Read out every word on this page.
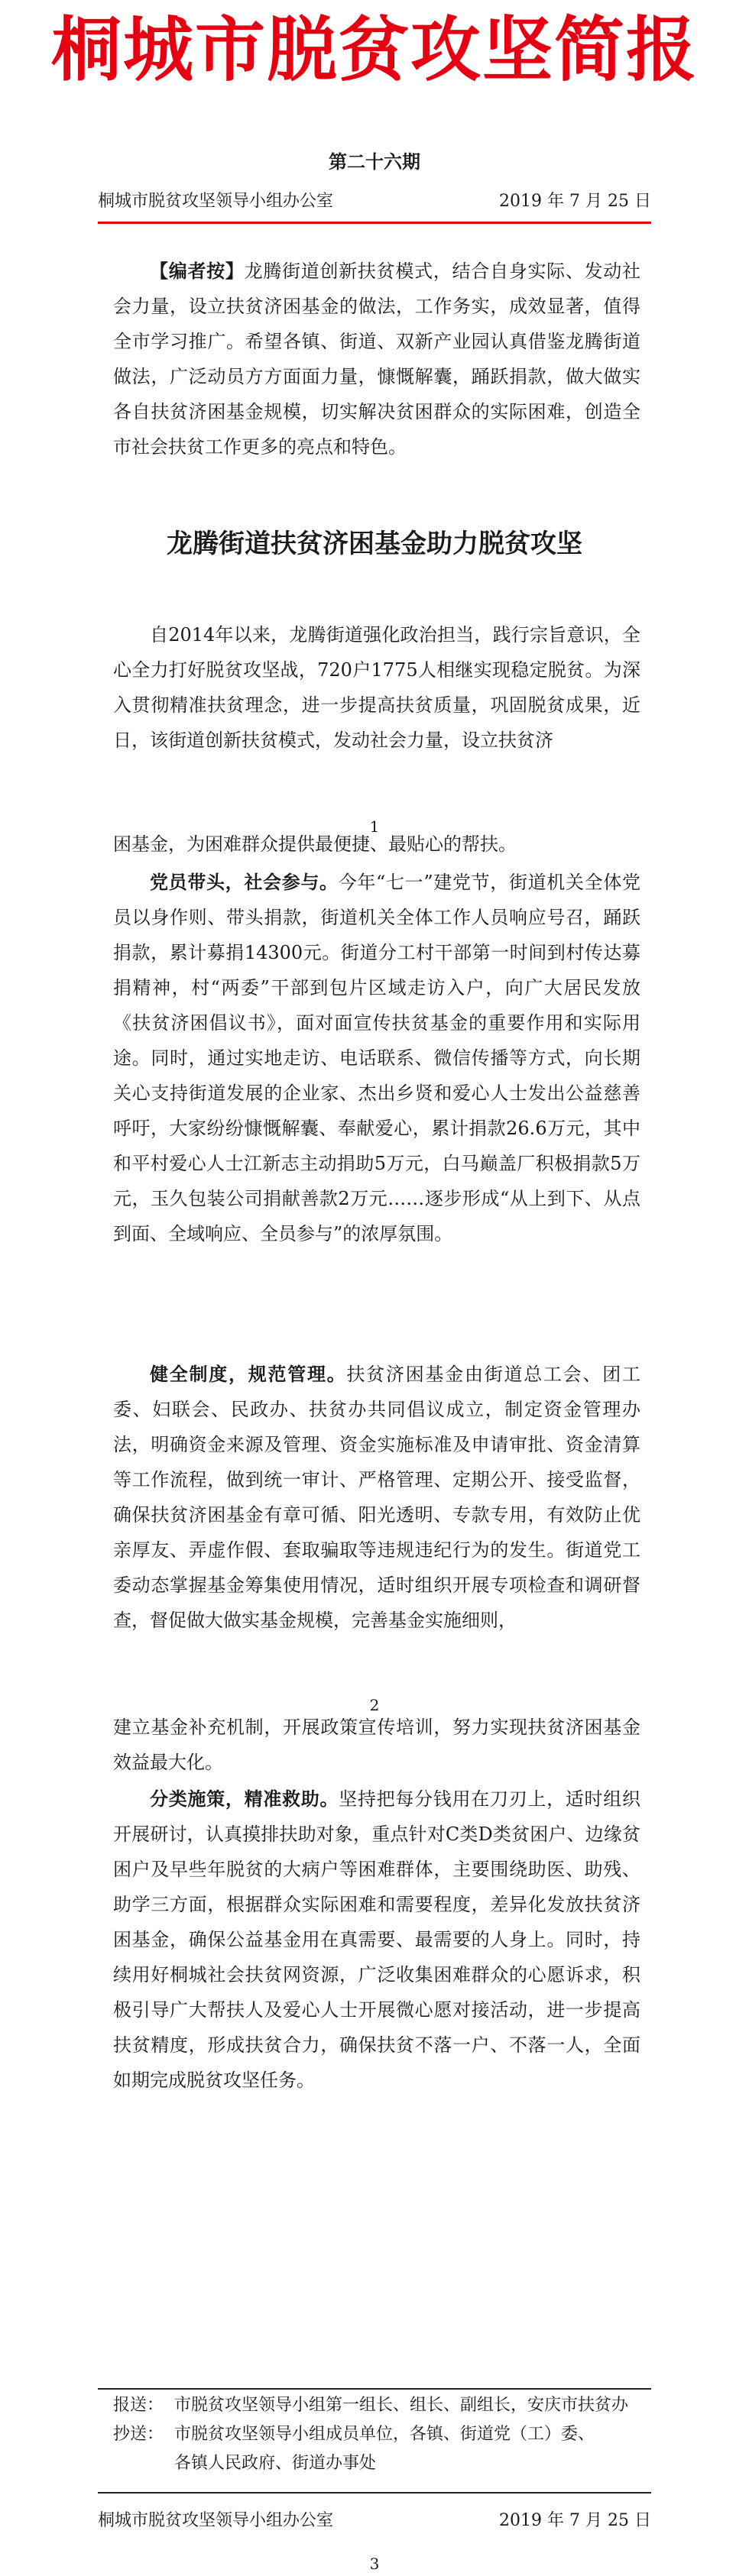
桐城市脱贫攻坚简报
第二十六期
桐城市脱贫攻坚领导小组办公室	2019 年 7 月 25 日

【编者按】龙腾街道创新扶贫模式，结合自身实际、发动社会力量，设立扶贫济困基金的做法，工作务实，成效显著，值得全市学习推广。希望各镇、街道、双新产业园认真借鉴龙腾街道做法，广泛动员方方面面力量，慷慨解囊，踊跃捐款，做大做实各自扶贫济困基金规模，切实解决贫困群众的实际困难，创造全市社会扶贫工作更多的亮点和特色。

龙腾街道扶贫济困基金助力脱贫攻坚

自2014年以来，龙腾街道强化政治担当，践行宗旨意识，全心全力打好脱贫攻坚战，720户1775人相继实现稳定脱贫。为深入贯彻精准扶贫理念，进一步提高扶贫质量，巩固脱贫成果，近日，该街道创新扶贫模式，发动社会力量，设立扶贫济

1

困基金，为困难群众提供最便捷、最贴心的帮扶。

党员带头，社会参与。今年“七一”建党节，街道机关全体党员以身作则、带头捐款，街道机关全体工作人员响应号召，踊跃捐款，累计募捐14300元。街道分工村干部第一时间到村传达募捐精神，村“两委”干部到包片区域走访入户，向广大居民发放《扶贫济困倡议书》，面对面宣传扶贫基金的重要作用和实际用途。同时，通过实地走访、电话联系、微信传播等方式，向长期关心支持街道发展的企业家、杰出乡贤和爱心人士发出公益慈善呼吁，大家纷纷慷慨解囊、奉献爱心，累计捐款26.6万元，其中和平村爱心人士江新志主动捐助5万元，白马巅盖厂积极捐款5万元，玉久包装公司捐献善款2万元……逐步形成“从上到下、从点到面、全域响应、全员参与”的浓厚氛围。

健全制度，规范管理。扶贫济困基金由街道总工会、团工委、妇联会、民政办、扶贫办共同倡议成立，制定资金管理办法，明确资金来源及管理、资金实施标准及申请审批、资金清算等工作流程，做到统一审计、严格管理、定期公开、接受监督，确保扶贫济困基金有章可循、阳光透明、专款专用，有效防止优亲厚友、弄虚作假、套取骗取等违规违纪行为的发生。街道党工委动态掌握基金筹集使用情况，适时组织开展专项检查和调研督查，督促做大做实基金规模，完善基金实施细则，

2

建立基金补充机制，开展政策宣传培训，努力实现扶贫济困基金效益最大化。

分类施策，精准救助。坚持把每分钱用在刀刃上，适时组织开展研讨，认真摸排扶助对象，重点针对C类D类贫困户、边缘贫困户及早些年脱贫的大病户等困难群体，主要围绕助医、助残、助学三方面，根据群众实际困难和需要程度，差异化发放扶贫济困基金，确保公益基金用在真需要、最需要的人身上。同时，持续用好桐城社会扶贫网资源，广泛收集困难群众的心愿诉求，积极引导广大帮扶人及爱心人士开展微心愿对接活动，进一步提高扶贫精度，形成扶贫合力，确保扶贫不落一户、不落一人，全面如期完成脱贫攻坚任务。

报送： 市脱贫攻坚领导小组第一组长、组长、副组长，安庆市扶贫办
抄送： 市脱贫攻坚领导小组成员单位，各镇、街道党（工）委、
各镇人民政府、街道办事处
桐城市脱贫攻坚领导小组办公室	2019 年 7 月 25 日
3
